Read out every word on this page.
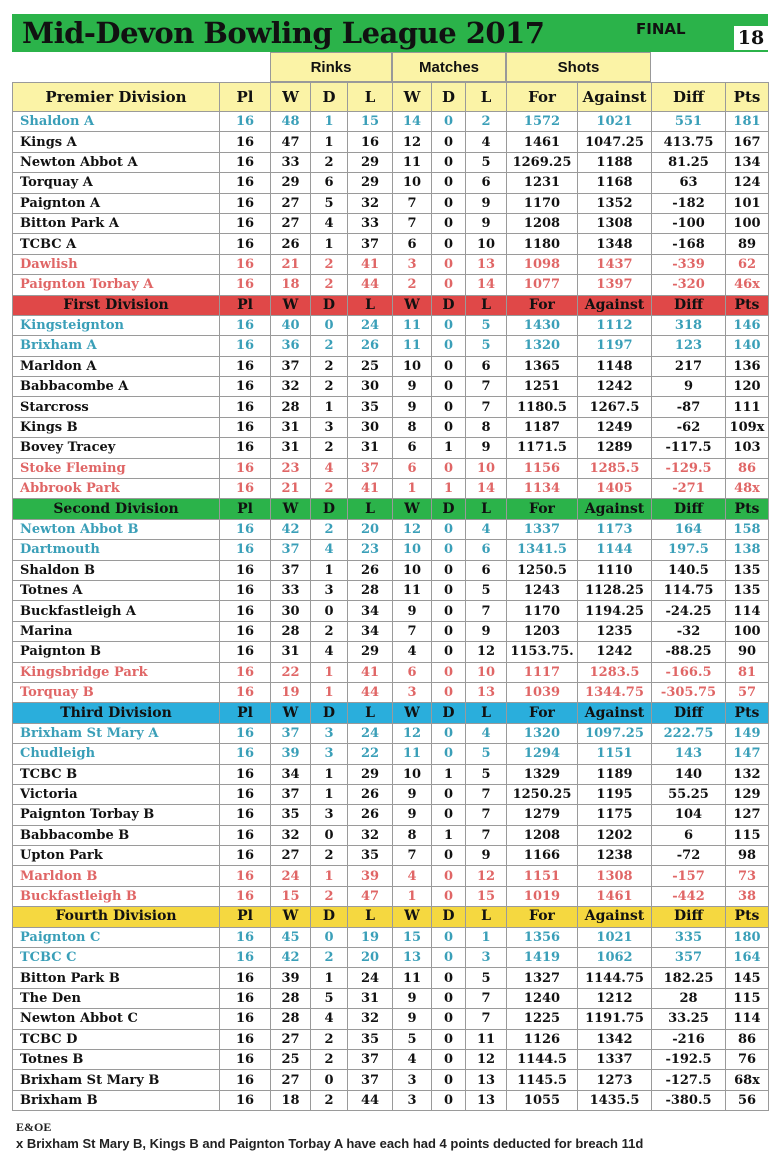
Mid-Devon Bowling League 2017	FINAL	18
Rinks	Matches	Shots
Premier Division	Pl	W	D	L	W	D	L	For	Against	Diff	Pts
Shaldon A	16	48	1	15	14	0	2	1572	1021	551	181
Kings A	16	47	1	16	12	0	4	1461	1047.25	413.75	167
Newton Abbot A	16	33	2	29	11	0	5	1269.25	1188	81.25	134
Torquay A	16	29	6	29	10	0	6	1231	1168	63	124
Paignton A	16	27	5	32	7	0	9	1170	1352	-182	101
Bitton Park A	16	27	4	33	7	0	9	1208	1308	-100	100
TCBC A	16	26	1	37	6	0	10	1180	1348	-168	89
Dawlish	16	21	2	41	3	0	13	1098	1437	-339	62
Paignton Torbay A	16	18	2	44	2	0	14	1077	1397	-320	46x
First Division	Pl	W	D	L	W	D	L	For	Against	Diff	Pts
Kingsteignton	16	40	0	24	11	0	5	1430	1112	318	146
Brixham A	16	36	2	26	11	0	5	1320	1197	123	140
Marldon A	16	37	2	25	10	0	6	1365	1148	217	136
Babbacombe A	16	32	2	30	9	0	7	1251	1242	9	120
Starcross	16	28	1	35	9	0	7	1180.5	1267.5	-87	111
Kings B	16	31	3	30	8	0	8	1187	1249	-62	109x
Bovey Tracey	16	31	2	31	6	1	9	1171.5	1289	-117.5	103
Stoke Fleming	16	23	4	37	6	0	10	1156	1285.5	-129.5	86
Abbrook Park	16	21	2	41	1	1	14	1134	1405	-271	48x
Second Division	Pl	W	D	L	W	D	L	For	Against	Diff	Pts
Newton Abbot B	16	42	2	20	12	0	4	1337	1173	164	158
Dartmouth	16	37	4	23	10	0	6	1341.5	1144	197.5	138
Shaldon B	16	37	1	26	10	0	6	1250.5	1110	140.5	135
Totnes A	16	33	3	28	11	0	5	1243	1128.25	114.75	135
Buckfastleigh A	16	30	0	34	9	0	7	1170	1194.25	-24.25	114
Marina	16	28	2	34	7	0	9	1203	1235	-32	100
Paignton B	16	31	4	29	4	0	12	1153.75.	1242	-88.25	90
Kingsbridge Park	16	22	1	41	6	0	10	1117	1283.5	-166.5	81
Torquay B	16	19	1	44	3	0	13	1039	1344.75	-305.75	57
Third Division	Pl	W	D	L	W	D	L	For	Against	Diff	Pts
Brixham St Mary A	16	37	3	24	12	0	4	1320	1097.25	222.75	149
Chudleigh	16	39	3	22	11	0	5	1294	1151	143	147
TCBC B	16	34	1	29	10	1	5	1329	1189	140	132
Victoria	16	37	1	26	9	0	7	1250.25	1195	55.25	129
Paignton Torbay B	16	35	3	26	9	0	7	1279	1175	104	127
Babbacombe B	16	32	0	32	8	1	7	1208	1202	6	115
Upton Park	16	27	2	35	7	0	9	1166	1238	-72	98
Marldon B	16	24	1	39	4	0	12	1151	1308	-157	73
Buckfastleigh B	16	15	2	47	1	0	15	1019	1461	-442	38
Fourth Division	Pl	W	D	L	W	D	L	For	Against	Diff	Pts
Paignton C	16	45	0	19	15	0	1	1356	1021	335	180
TCBC C	16	42	2	20	13	0	3	1419	1062	357	164
Bitton Park B	16	39	1	24	11	0	5	1327	1144.75	182.25	145
The Den	16	28	5	31	9	0	7	1240	1212	28	115
Newton Abbot C	16	28	4	32	9	0	7	1225	1191.75	33.25	114
TCBC D	16	27	2	35	5	0	11	1126	1342	-216	86
Totnes B	16	25	2	37	4	0	12	1144.5	1337	-192.5	76
Brixham St Mary B	16	27	0	37	3	0	13	1145.5	1273	-127.5	68x
Brixham B	16	18	2	44	3	0	13	1055	1435.5	-380.5	56
E&OE
x Brixham St Mary B, Kings B and Paignton Torbay A have each had 4 points deducted for breach 11d
